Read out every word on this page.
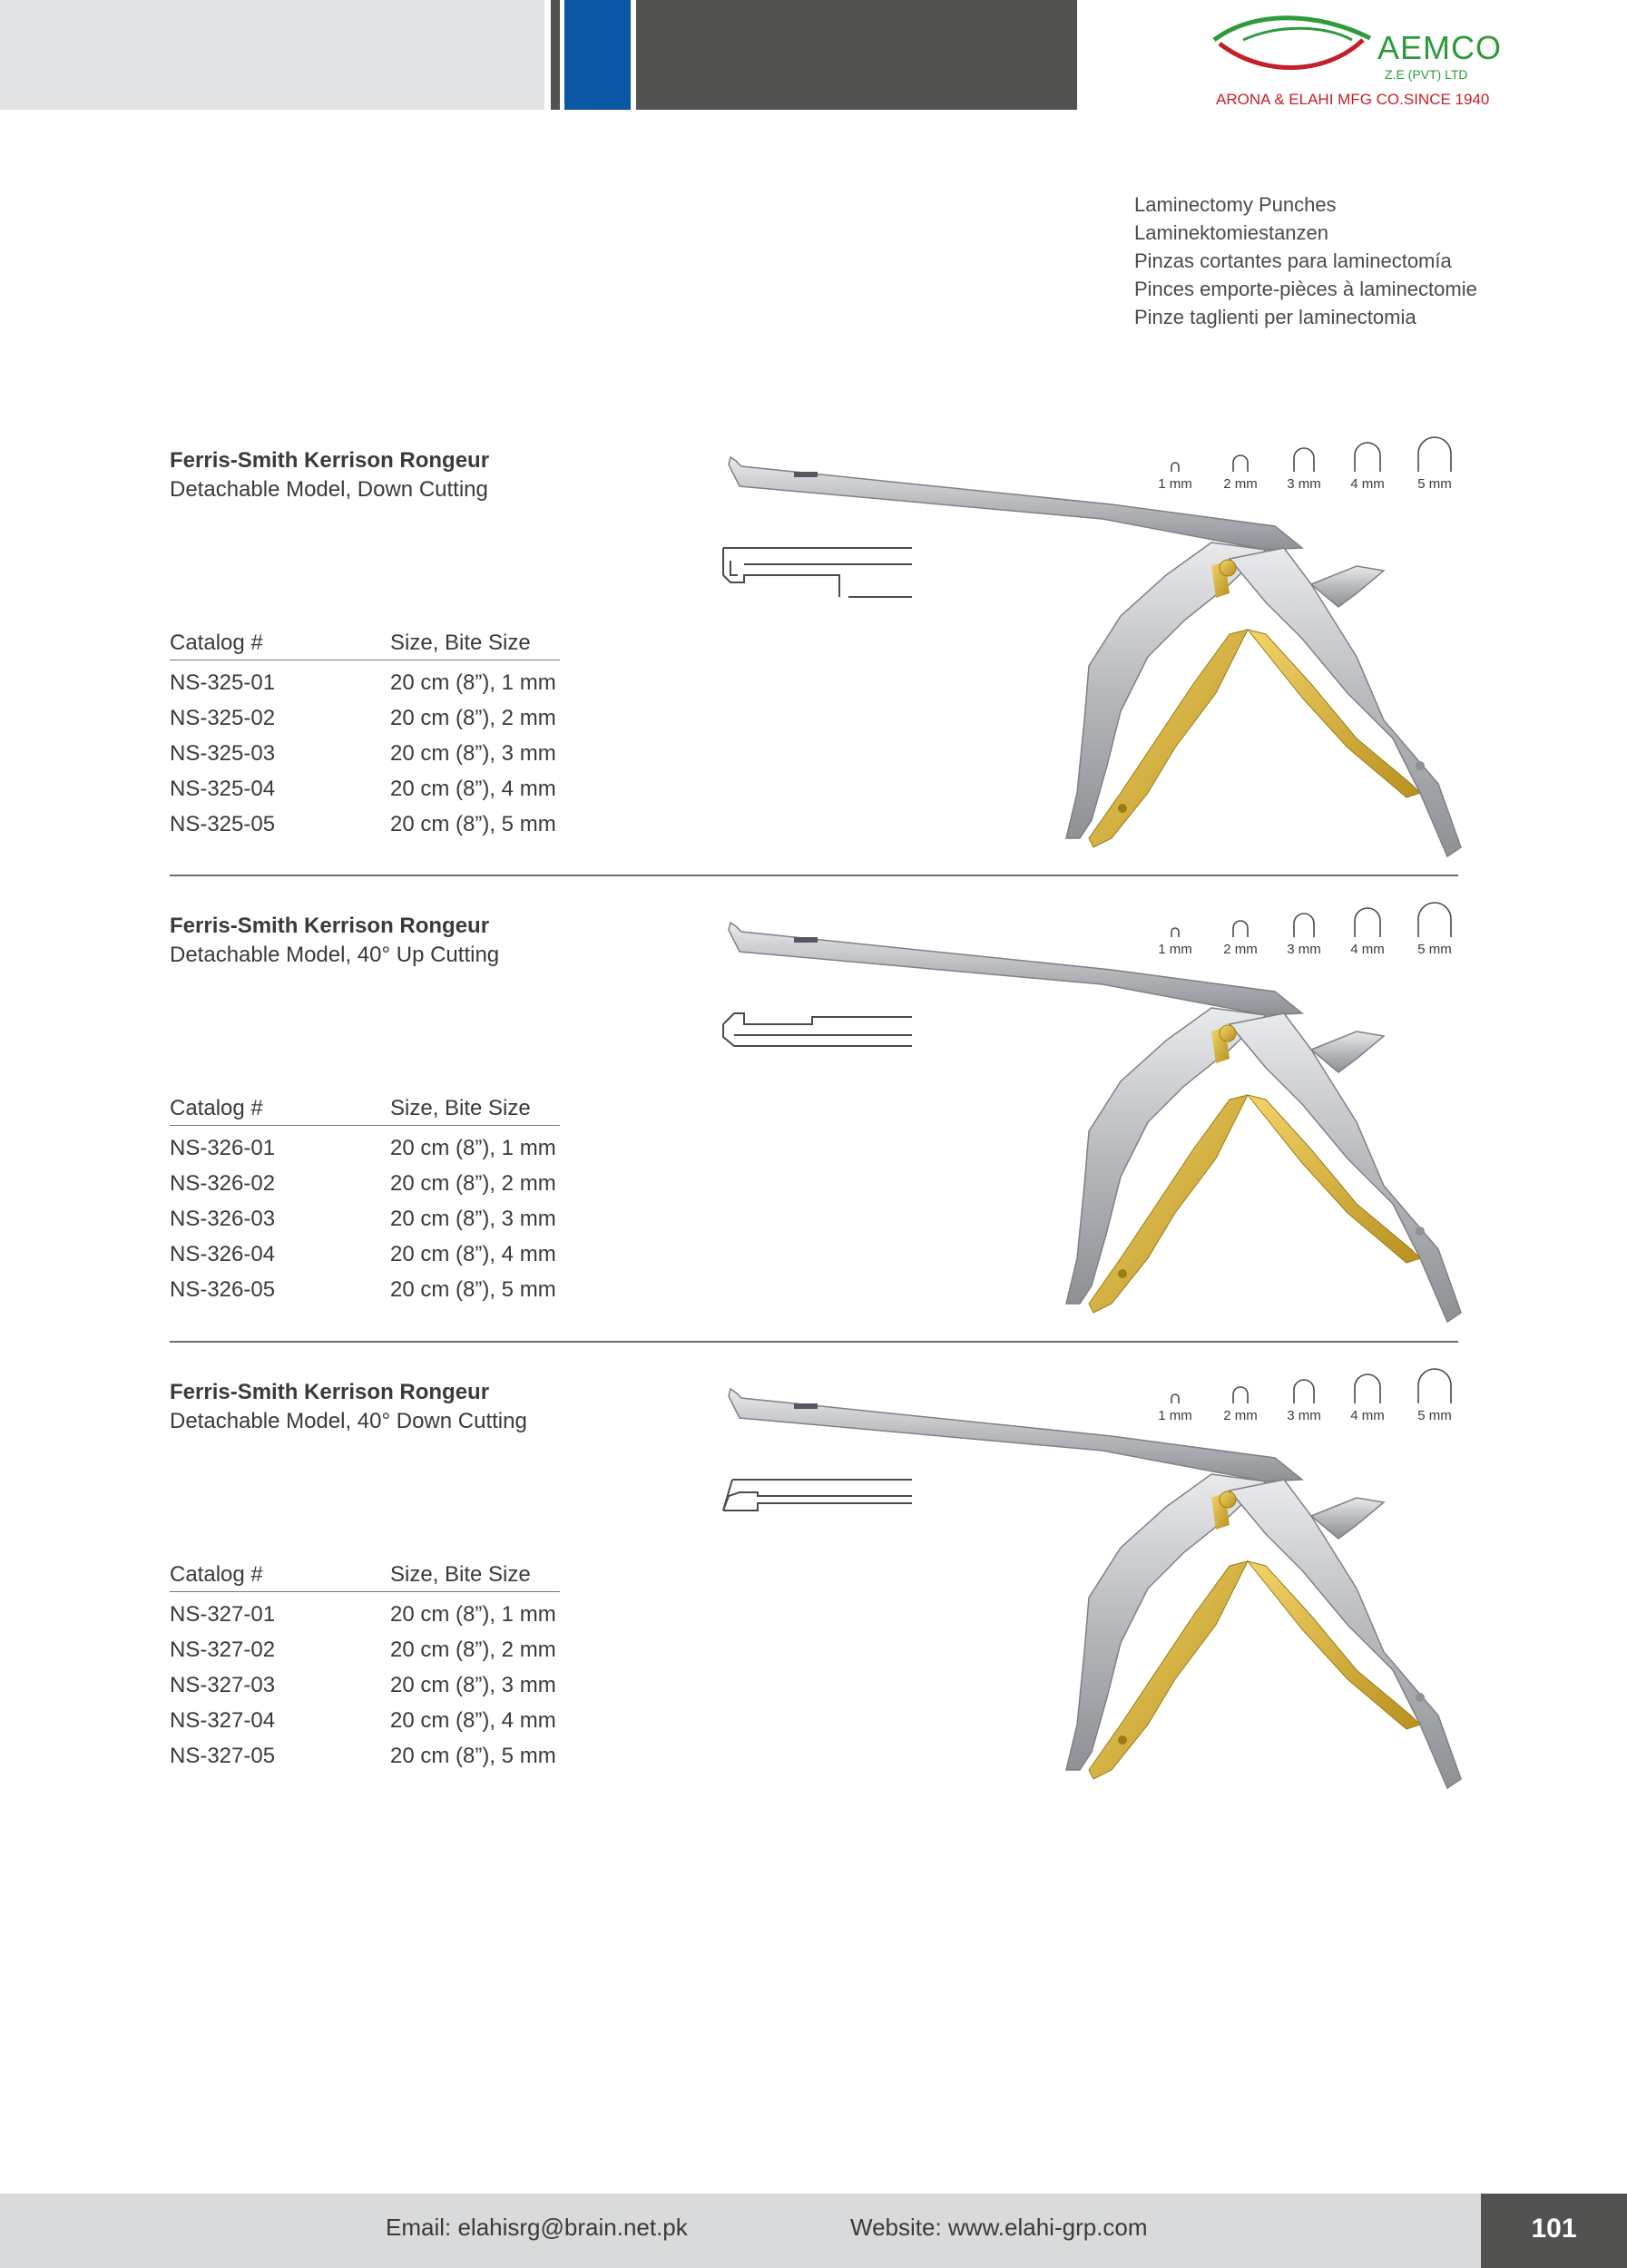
AEMCO
Z.E (PVT) LTD
ARONA & ELAHI MFG CO.SINCE 1940
Laminectomy Punches
Laminektomiestanzen
Pinzas cortantes para laminectomía
Pinces emporte-pièces à laminectomie
Pinze taglienti per laminectomia
Ferris-Smith Kerrison Rongeur
Detachable Model, Down Cutting	1 mm	2 mm	3 mm	4 mm	5 mm
Catalog #	Size, Bite Size
NS-325-01	20 cm (8”), 1 mm
NS-325-02	20 cm (8”), 2 mm
NS-325-03	20 cm (8”), 3 mm
NS-325-04	20 cm (8”), 4 mm
NS-325-05	20 cm (8”), 5 mm
Ferris-Smith Kerrison Rongeur
Detachable Model, 40° Up Cutting	1 mm	2 mm	3 mm	4 mm	5 mm
Catalog #	Size, Bite Size
NS-326-01	20 cm (8”), 1 mm
NS-326-02	20 cm (8”), 2 mm
NS-326-03	20 cm (8”), 3 mm
NS-326-04	20 cm (8”), 4 mm
NS-326-05	20 cm (8”), 5 mm
Ferris-Smith Kerrison Rongeur
Detachable Model, 40° Down Cutting	1 mm	2 mm	3 mm	4 mm	5 mm
Catalog #	Size, Bite Size
NS-327-01	20 cm (8”), 1 mm
NS-327-02	20 cm (8”), 2 mm
NS-327-03	20 cm (8”), 3 mm
NS-327-04	20 cm (8”), 4 mm
NS-327-05	20 cm (8”), 5 mm
Email: elahisrg@brain.net.pk	Website: www.elahi-grp.com	101
